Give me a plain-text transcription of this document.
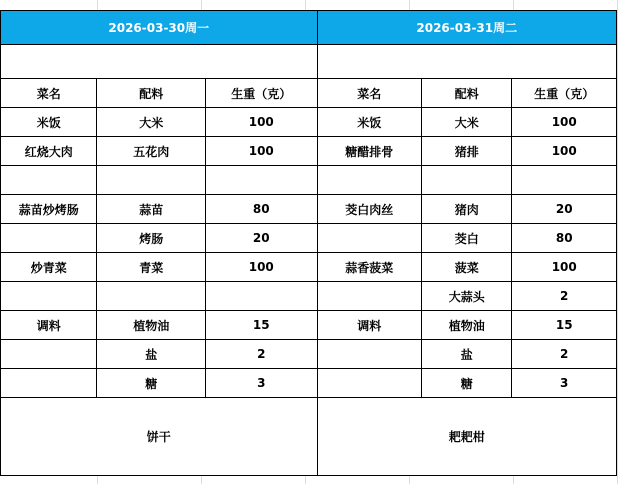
2026-03-30周一			2026-03-31周二		

菜名	配料	生重（克）	菜名	配料	生重（克）
米饭	大米	100	米饭	大米	100
红烧大肉	五花肉	100	糖醋排骨	猪排	100

蒜苗炒烤肠	蒜苗	80	茭白肉丝	猪肉	20
	烤肠	20		茭白	80
炒青菜	青菜	100	蒜香菠菜	菠菜	100
				大蒜头	2
调料	植物油	15	调料	植物油	15
	盐	2		盐	2
	糖	3		糖	3
饼干			耙耙柑		
